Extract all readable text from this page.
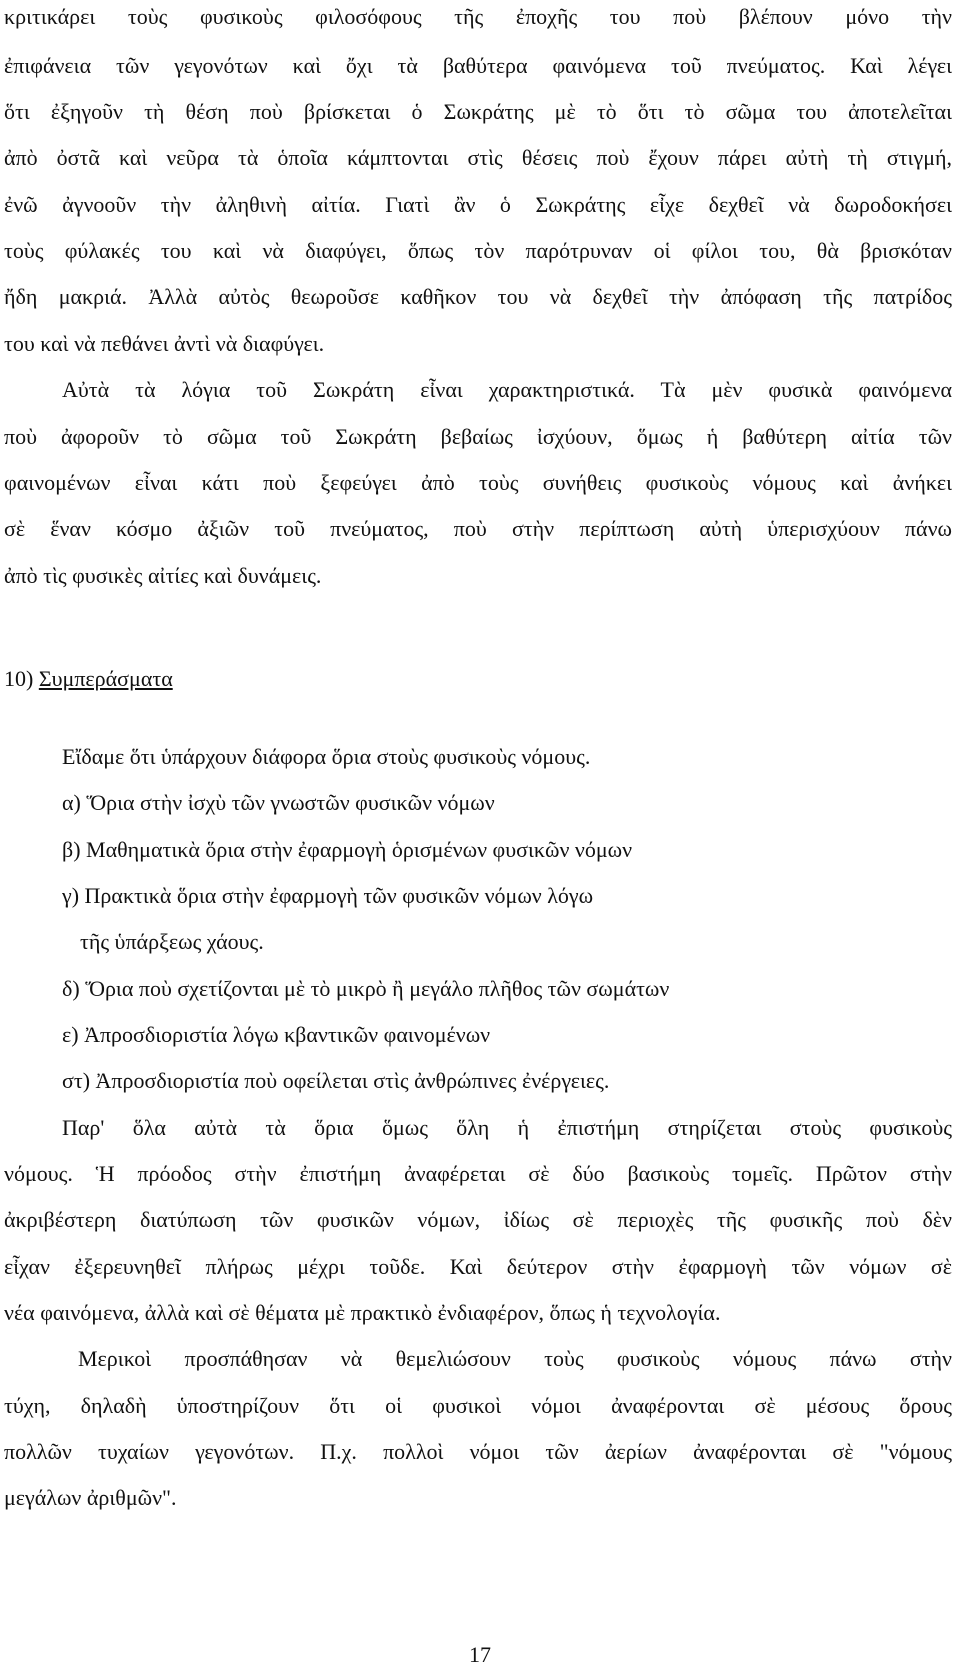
κριτικάρει τοὺς φυσικοὺς φιλοσόφους τῆς ἐποχῆς του ποὺ βλέπουν μόνο τὴν
ἐπιφάνεια τῶν γεγονότων καὶ ὄχι τὰ βαθύτερα φαινόμενα τοῦ πνεύματος. Καὶ λέγει
ὅτι ἐξηγοῦν τὴ θέση ποὺ βρίσκεται ὁ Σωκράτης μὲ τὸ ὅτι τὸ σῶμα του ἀποτελεῖται
ἀπὸ ὀστᾶ καὶ νεῦρα τὰ ὁποῖα κάμπτονται στὶς θέσεις ποὺ ἔχουν πάρει αὐτὴ τὴ στιγμή,
ἐνῶ ἀγνοοῦν τὴν ἀληθινὴ αἰτία. Γιατὶ ἂν ὁ Σωκράτης εἶχε δεχθεῖ νὰ δωροδοκήσει
τοὺς φύλακές του καὶ νὰ διαφύγει, ὅπως τὸν παρότρυναν οἱ φίλοι του, θὰ βρισκόταν
ἤδη μακριά. Ἀλλὰ αὐτὸς θεωροῦσε καθῆκον του νὰ δεχθεῖ τὴν ἀπόφαση τῆς πατρίδος
του καὶ νὰ πεθάνει ἀντὶ νὰ διαφύγει.
Αὐτὰ τὰ λόγια τοῦ Σωκράτη εἶναι χαρακτηριστικά. Τὰ μὲν φυσικὰ φαινόμενα
ποὺ ἀφοροῦν τὸ σῶμα τοῦ Σωκράτη βεβαίως ἰσχύουν, ὅμως ἡ βαθύτερη αἰτία τῶν
φαινομένων εἶναι κάτι ποὺ ξεφεύγει ἀπὸ τοὺς συνήθεις φυσικοὺς νόμους καὶ ἀνήκει
σὲ ἕναν κόσμο ἀξιῶν τοῦ πνεύματος, ποὺ στὴν περίπτωση αὐτὴ ὑπερισχύουν πάνω
ἀπὸ τὶς φυσικὲς αἰτίες καὶ δυνάμεις.
10) Συμπεράσματα
Εἴδαμε ὅτι ὑπάρχουν διάφορα ὅρια στοὺς φυσικοὺς νόμους.
α) Ὅρια στὴν ἰσχὺ τῶν γνωστῶν φυσικῶν νόμων
β) Μαθηματικὰ ὅρια στὴν ἐφαρμογὴ ὁρισμένων φυσικῶν νόμων
γ) Πρακτικὰ ὅρια στὴν ἐφαρμογὴ τῶν φυσικῶν νόμων λόγω
τῆς ὑπάρξεως χάους.
δ) Ὅρια ποὺ σχετίζονται μὲ τὸ μικρὸ ἢ μεγάλο πλῆθος τῶν σωμάτων
ε) Ἀπροσδιοριστία λόγω κβαντικῶν φαινομένων
στ) Ἀπροσδιοριστία ποὺ οφείλεται στὶς ἀνθρώπινες ἐνέργειες.
Παρ' ὅλα αὐτὰ τὰ ὅρια ὅμως ὅλη ἡ ἐπιστήμη στηρίζεται στοὺς φυσικοὺς
νόμους. Ἡ πρόοδος στὴν ἐπιστήμη ἀναφέρεται σὲ δύο βασικοὺς τομεῖς. Πρῶτον στὴν
ἀκριβέστερη διατύπωση τῶν φυσικῶν νόμων, ἰδίως σὲ περιοχὲς τῆς φυσικῆς ποὺ δὲν
εἶχαν ἐξερευνηθεῖ πλήρως μέχρι τοῦδε. Καὶ δεύτερον στὴν ἐφαρμογὴ τῶν νόμων σὲ
νέα φαινόμενα, ἀλλὰ καὶ σὲ θέματα μὲ πρακτικὸ ἐνδιαφέρον, ὅπως ἡ τεχνολογία.
Μερικοὶ προσπάθησαν νὰ θεμελιώσουν τοὺς φυσικοὺς νόμους πάνω στὴν
τύχη, δηλαδὴ ὑποστηρίζουν ὅτι οἱ φυσικοὶ νόμοι ἀναφέρονται σὲ μέσους ὅρους
πολλῶν τυχαίων γεγονότων. Π.χ. πολλοὶ νόμοι τῶν ἀερίων ἀναφέρονται σὲ "νόμους
μεγάλων ἀριθμῶν".
17
